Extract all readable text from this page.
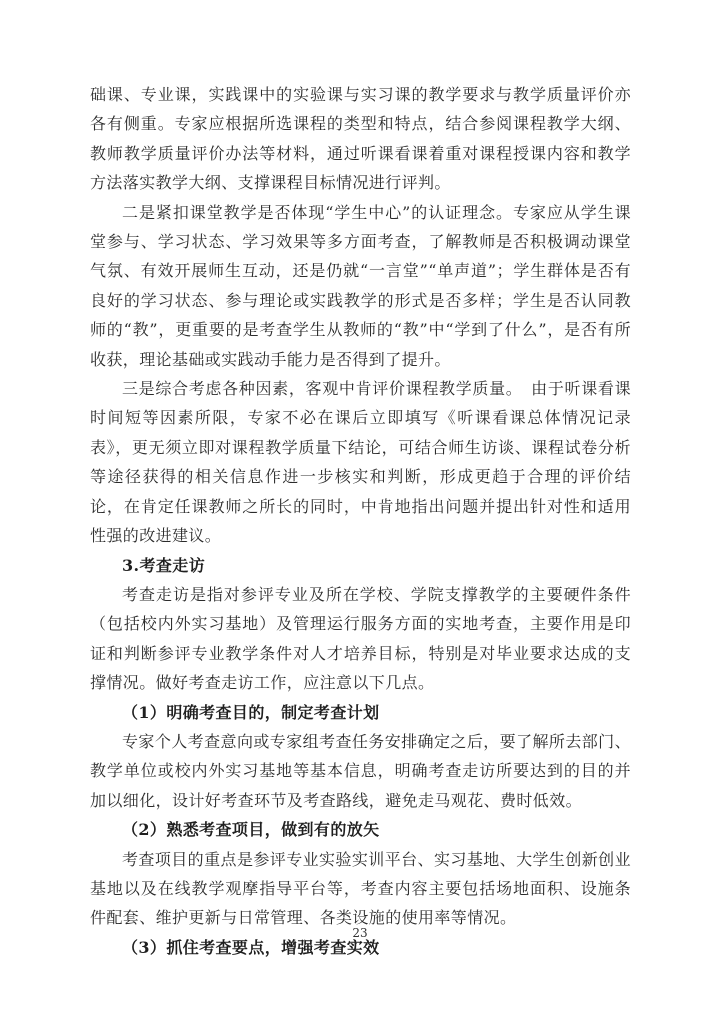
础课、专业课，实践课中的实验课与实习课的教学要求与教学质量评价亦各有侧重。专家应根据所选课程的类型和特点，结合参阅课程教学大纲、教师教学质量评价办法等材料，通过听课看课着重对课程授课内容和教学方法落实教学大纲、支撑课程目标情况进行评判。

二是紧扣课堂教学是否体现“学生中心”的认证理念。专家应从学生课堂参与、学习状态、学习效果等多方面考查，了解教师是否积极调动课堂气氛、有效开展师生互动，还是仍就“一言堂”“单声道”；学生群体是否有良好的学习状态、参与理论或实践教学的形式是否多样；学生是否认同教师的“教”，更重要的是考查学生从教师的“教”中“学到了什么”，是否有所收获，理论基础或实践动手能力是否得到了提升。

三是综合考虑各种因素，客观中肯评价课程教学质量。　由于听课看课时间短等因素所限，专家不必在课后立即填写《听课看课总体情况记录表》，更无须立即对课程教学质量下结论，可结合师生访谈、课程试卷分析等途径获得的相关信息作进一步核实和判断，形成更趋于合理的评价结论，在肯定任课教师之所长的同时，中肯地指出问题并提出针对性和适用性强的改进建议。

3.考查走访

考查走访是指对参评专业及所在学校、学院支撑教学的主要硬件条件（包括校内外实习基地）及管理运行服务方面的实地考查，主要作用是印证和判断参评专业教学条件对人才培养目标，特别是对毕业要求达成的支撑情况。做好考查走访工作，应注意以下几点。

（1）明确考查目的，制定考查计划

专家个人考查意向或专家组考查任务安排确定之后，要了解所去部门、教学单位或校内外实习基地等基本信息，明确考查走访所要达到的目的并加以细化，设计好考查环节及考查路线，避免走马观花、费时低效。

（2）熟悉考查项目，做到有的放矢

考查项目的重点是参评专业实验实训平台、实习基地、大学生创新创业基地以及在线教学观摩指导平台等，考查内容主要包括场地面积、设施条件配套、维护更新与日常管理、各类设施的使用率等情况。

（3）抓住考查要点，增强考查实效

23
